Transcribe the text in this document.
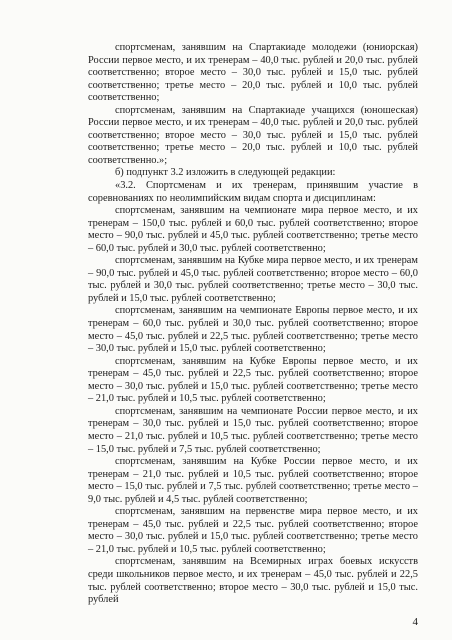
спортсменам, занявшим на Спартакиаде молодежи (юниорская) России первое место, и их тренерам – 40,0 тыс. рублей и 20,0 тыс. рублей соответственно; второе место – 30,0 тыс. рублей и 15,0 тыс. рублей соответственно; третье место – 20,0 тыс. рублей и 10,0 тыс. рублей соответственно;

спортсменам, занявшим на Спартакиаде учащихся (юношеская) России первое место, и их тренерам – 40,0 тыс. рублей и 20,0 тыс. рублей соответственно; второе место – 30,0 тыс. рублей и 15,0 тыс. рублей соответственно; третье место – 20,0 тыс. рублей и 10,0 тыс. рублей соответственно.»;

б) подпункт 3.2 изложить в следующей редакции:

«3.2. Спортсменам и их тренерам, принявшим участие в соревнованиях по неолимпийским видам спорта и дисциплинам:

спортсменам, занявшим на чемпионате мира первое место, и их тренерам – 150,0 тыс. рублей и 60,0 тыс. рублей соответственно; второе место – 90,0 тыс. рублей и 45,0 тыс. рублей соответственно; третье место – 60,0 тыс. рублей и 30,0 тыс. рублей соответственно;

спортсменам, занявшим на Кубке мира первое место, и их тренерам – 90,0 тыс. рублей и 45,0 тыс. рублей соответственно; второе место – 60,0 тыс. рублей и 30,0 тыс. рублей соответственно; третье место – 30,0 тыс. рублей и 15,0 тыс. рублей соответственно;

спортсменам, занявшим на чемпионате Европы первое место, и их тренерам – 60,0 тыс. рублей и 30,0 тыс. рублей соответственно; второе место – 45,0 тыс. рублей и 22,5 тыс. рублей соответственно; третье место – 30,0 тыс. рублей и 15,0 тыс. рублей соответственно;

спортсменам, занявшим на Кубке Европы первое место, и их тренерам – 45,0 тыс. рублей и 22,5 тыс. рублей соответственно; второе место – 30,0 тыс. рублей и 15,0 тыс. рублей соответственно; третье место – 21,0 тыс. рублей и 10,5 тыс. рублей соответственно;

спортсменам, занявшим на чемпионате России первое место, и их тренерам – 30,0 тыс. рублей и 15,0 тыс. рублей соответственно; второе место – 21,0 тыс. рублей и 10,5 тыс. рублей соответственно; третье место – 15,0 тыс. рублей и 7,5 тыс. рублей соответственно;

спортсменам, занявшим на Кубке России первое место, и их тренерам – 21,0 тыс. рублей и 10,5 тыс. рублей соответственно; второе место – 15,0 тыс. рублей и 7,5 тыс. рублей соответственно; третье место – 9,0 тыс. рублей и 4,5 тыс. рублей соответственно;

спортсменам, занявшим на первенстве мира первое место, и их тренерам – 45,0 тыс. рублей и 22,5 тыс. рублей соответственно; второе место – 30,0 тыс. рублей и 15,0 тыс. рублей соответственно; третье место – 21,0 тыс. рублей и 10,5 тыс. рублей соответственно;

спортсменам, занявшим на Всемирных играх боевых искусств среди школьников первое место, и их тренерам – 45,0 тыс. рублей и 22,5 тыс. рублей соответственно; второе место – 30,0 тыс. рублей и 15,0 тыс. рублей

4
